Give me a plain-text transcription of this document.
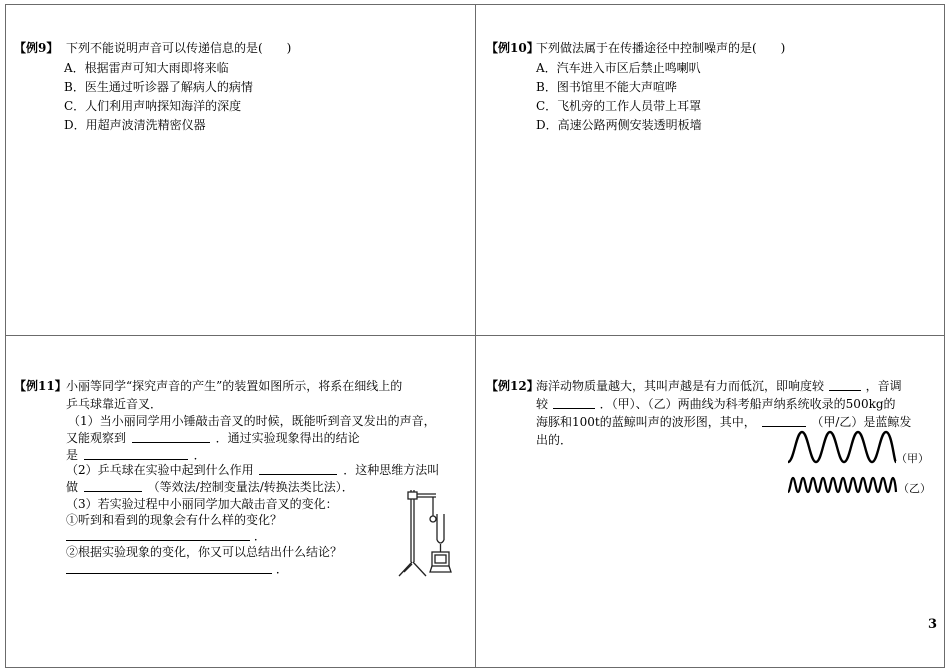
【例9】 下列不能说明声音可以传递信息的是(　　)
A．根据雷声可知大雨即将来临
B．医生通过听诊器了解病人的病情
C．人们利用声呐探知海洋的深度
D．用超声波清洗精密仪器
【例10】
下列做法属于在传播途径中控制噪声的是(　　)
A．汽车进入市区后禁止鸣喇叭
B．图书馆里不能大声喧哗
C．飞机旁的工作人员带上耳罩
D．高速公路两侧安装透明板墙
【例11】 小丽等同学“探究声音的产生”的装置如图所示，将系在细线上的
乒乓球靠近音叉．
（1）当小丽同学用小锤敲击音叉的时候，既能听到音叉发出的声音，
又能观察到	．通过实验现象得出的结论
是	．
（2）乒乓球在实验中起到什么作用	．这种思维方法叫
做	（等效法/控制变量法/转换法类比法）．
（3）若实验过程中小丽同学加大敲击音叉的变化：
①听到和看到的现象会有什么样的变化？
．
②根据实验现象的变化，你又可以总结出什么结论？
．
【例12】
海洋动物质量越大，其叫声越是有力而低沉，即响度较	，音调
较	．（甲）、（乙）两曲线为科考船声纳系统收录的500kg的
海豚和100t的蓝鲸叫声的波形图，其中，	（甲/乙）是蓝鲸发
出的．
（甲）
（乙）
3
